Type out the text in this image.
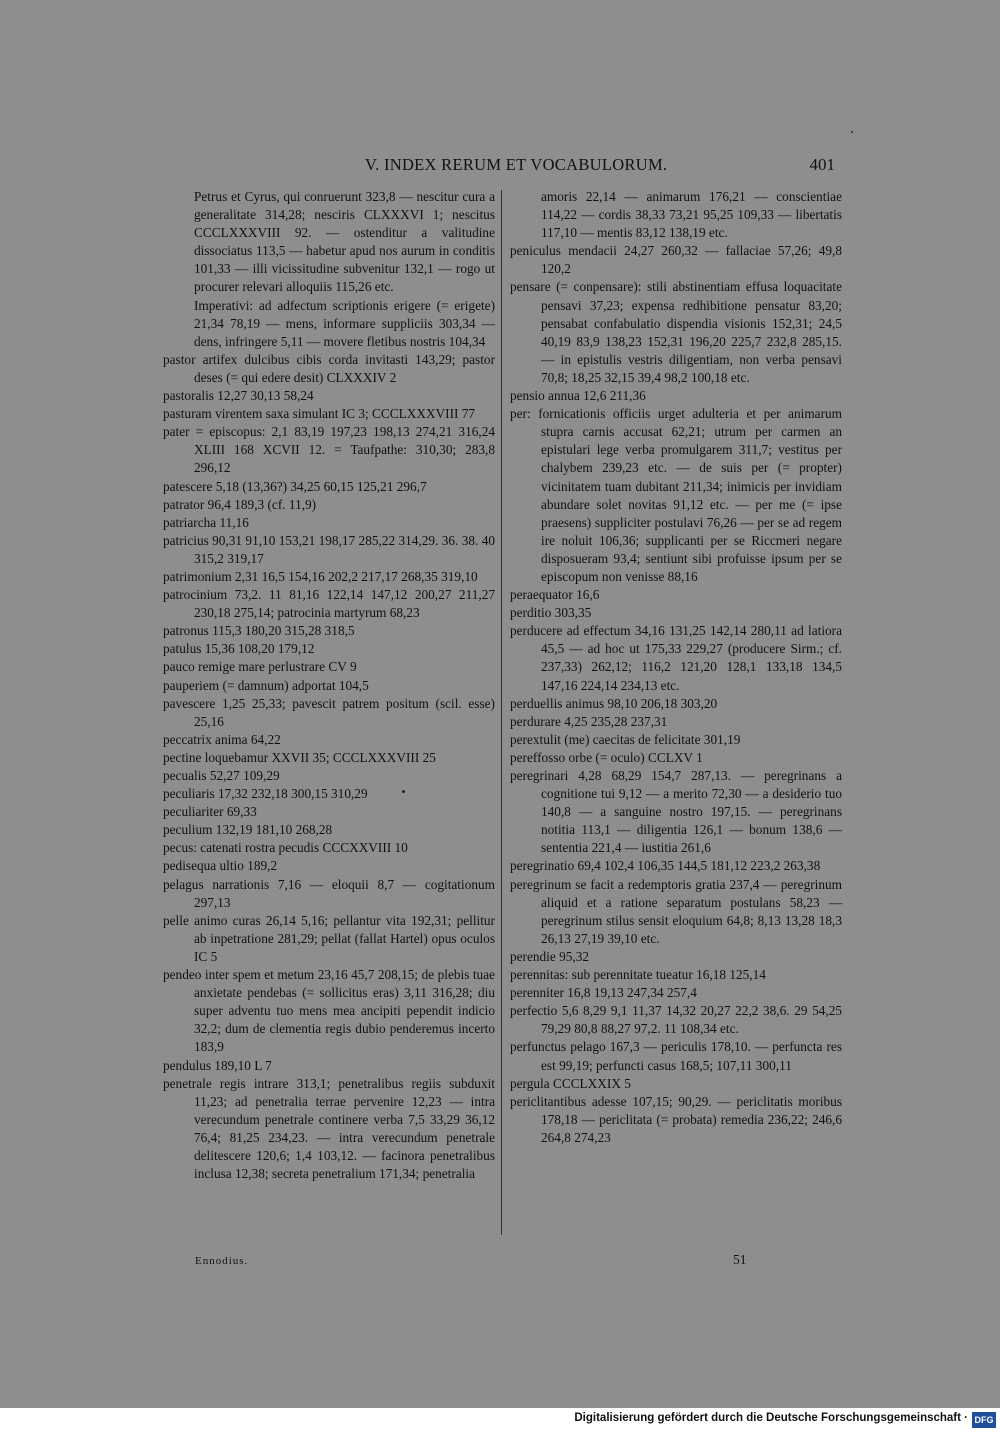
V. INDEX RERUM ET VOCABULORUM.	401
Petrus et Cyrus, qui conruerunt 323,8 — nescitur cura a generalitate 314,28; nesciris CLXXXVI 1; nescitus CCCLXXXVIII 92. — ostenditur a valitudine dissociatus 113,5 — habetur apud nos aurum in conditis 101,33 — illi vicissitudine subvenitur 132,1 — rogo ut procurer relevari alloquiis 115,26 etc.
Imperativi: ad adfectum scriptionis erigere (= erigete) 21,34 78,19 — mens, informare suppliciis 303,34 — dens, infringere 5,11 — movere fletibus nostris 104,34
pastor artifex dulcibus cibis corda invitasti 143,29; pastor deses (= qui edere desit) CLXXXIV 2
pastoralis 12,27 30,13 58,24
pasturam virentem saxa simulant IC 3; CCCLXXXVIII 77
pater = episcopus: 2,1 83,19 197,23 198,13 274,21 316,24 XLIII 168 XCVII 12. = Taufpathe: 310,30; 283,8 296,12
patescere 5,18 (13,36?) 34,25 60,15 125,21 296,7
patrator 96,4 189,3 (cf. 11,9)
patriarcha 11,16
patricius 90,31 91,10 153,21 198,17 285,22 314,29. 36. 38. 40 315,2 319,17
patrimonium 2,31 16,5 154,16 202,2 217,17 268,35 319,10
patrocinium 73,2. 11 81,16 122,14 147,12 200,27 211,27 230,18 275,14; patrocinia martyrum 68,23
patronus 115,3 180,20 315,28 318,5
patulus 15,36 108,20 179,12
pauco remige mare perlustrare CV 9
pauperiem (= damnum) adportat 104,5
pavescere 1,25 25,33; pavescit patrem positum (scil. esse) 25,16
peccatrix anima 64,22
pectine loquebamur XXVII 35; CCCLXXXVIII 25
pecualis 52,27 109,29
peculiaris 17,32 232,18 300,15 310,29
peculiariter 69,33
peculium 132,19 181,10 268,28
pecus: catenati rostra pecudis CCCXXVIII 10
pedisequa ultio 189,2
pelagus narrationis 7,16 — eloquii 8,7 — cogitationum 297,13
pelle animo curas 26,14 5,16; pellantur vita 192,31; pellitur ab inpetratione 281,29; pellat (fallat Hartel) opus oculos IC 5
pendeo inter spem et metum 23,16 45,7 208,15; de plebis tuae anxietate pendebas (= sollicitus eras) 3,11 316,28; diu super adventu tuo mens mea ancipiti pependit indicio 32,2; dum de clementia regis dubio penderemus incerto 183,9
pendulus 189,10 L 7
penetrale regis intrare 313,1; penetralibus regiis subduxit 11,23; ad penetralia terrae pervenire 12,23 — intra verecundum penetrale continere verba 7,5 33,29 36,12 76,4; 81,25 234,23. — intra verecundum penetrale delitescere 120,6; 1,4 103,12. — facinora penetralibus inclusa 12,38; secreta penetralium 171,34; penetralia
amoris 22,14 — animarum 176,21 — conscientiae 114,22 — cordis 38,33 73,21 95,25 109,33 — libertatis 117,10 — mentis 83,12 138,19 etc.
peniculus mendacii 24,27 260,32 — fallaciae 57,26; 49,8 120,2
pensare (= conpensare): stili abstinentiam effusa loquacitate pensavi 37,23; expensa redhibitione pensatur 83,20; pensabat confabulatio dispendia visionis 152,31; 24,5 40,19 83,9 138,23 152,31 196,20 225,7 232,8 285,15. — in epistulis vestris diligentiam, non verba pensavi 70,8; 18,25 32,15 39,4 98,2 100,18 etc.
pensio annua 12,6 211,36
per: fornicationis officiis urget adulteria et per animarum stupra carnis accusat 62,21; utrum per carmen an epistulari lege verba promulgarem 311,7; vestitus per chalybem 239,23 etc. — de suis per (= propter) vicinitatem tuam dubitant 211,34; inimicis per invidiam abundare solet novitas 91,12 etc. — per me (= ipse praesens) suppliciter postulavi 76,26 — per se ad regem ire noluit 106,36; supplicanti per se Riccmeri negare disposueram 93,4; sentiunt sibi profuisse ipsum per se episcopum non venisse 88,16
peraequator 16,6
perditio 303,35
perducere ad effectum 34,16 131,25 142,14 280,11 ad latiora 45,5 — ad hoc ut 175,33 229,27 (producere Sirm.; cf. 237,33) 262,12; 116,2 121,20 128,1 133,18 134,5 147,16 224,14 234,13 etc.
perduellis animus 98,10 206,18 303,20
perdurare 4,25 235,28 237,31
perextulit (me) caecitas de felicitate 301,19
pereffosso orbe (= oculo) CCLXV 1
peregrinari 4,28 68,29 154,7 287,13. — peregrinans a cognitione tui 9,12 — a merito 72,30 — a desiderio tuo 140,8 — a sanguine nostro 197,15. — peregrinans notitia 113,1 — diligentia 126,1 — bonum 138,6 — sententia 221,4 — iustitia 261,6
peregrinatio 69,4 102,4 106,35 144,5 181,12 223,2 263,38
peregrinum se facit a redemptoris gratia 237,4 — peregrinum aliquid et a ratione separatum postulans 58,23 — peregrinum stilus sensit eloquium 64,8; 8,13 13,28 18,3 26,13 27,19 39,10 etc.
perendie 95,32
perennitas: sub perennitate tueatur 16,18 125,14
perenniter 16,8 19,13 247,34 257,4
perfectio 5,6 8,29 9,1 11,37 14,32 20,27 22,2 38,6. 29 54,25 79,29 80,8 88,27 97,2. 11 108,34 etc.
perfunctus pelago 167,3 — periculis 178,10. — perfuncta res est 99,19; perfuncti casus 168,5; 107,11 300,11
pergula CCCLXXIX 5
periclitantibus adesse 107,15; 90,29. — periclitatis moribus 178,18 — periclitata (= probata) remedia 236,22; 246,6 264,8 274,23
Ennodius.	51
Digitalisierung gefördert durch die Deutsche Forschungsgemeinschaft · DFG
